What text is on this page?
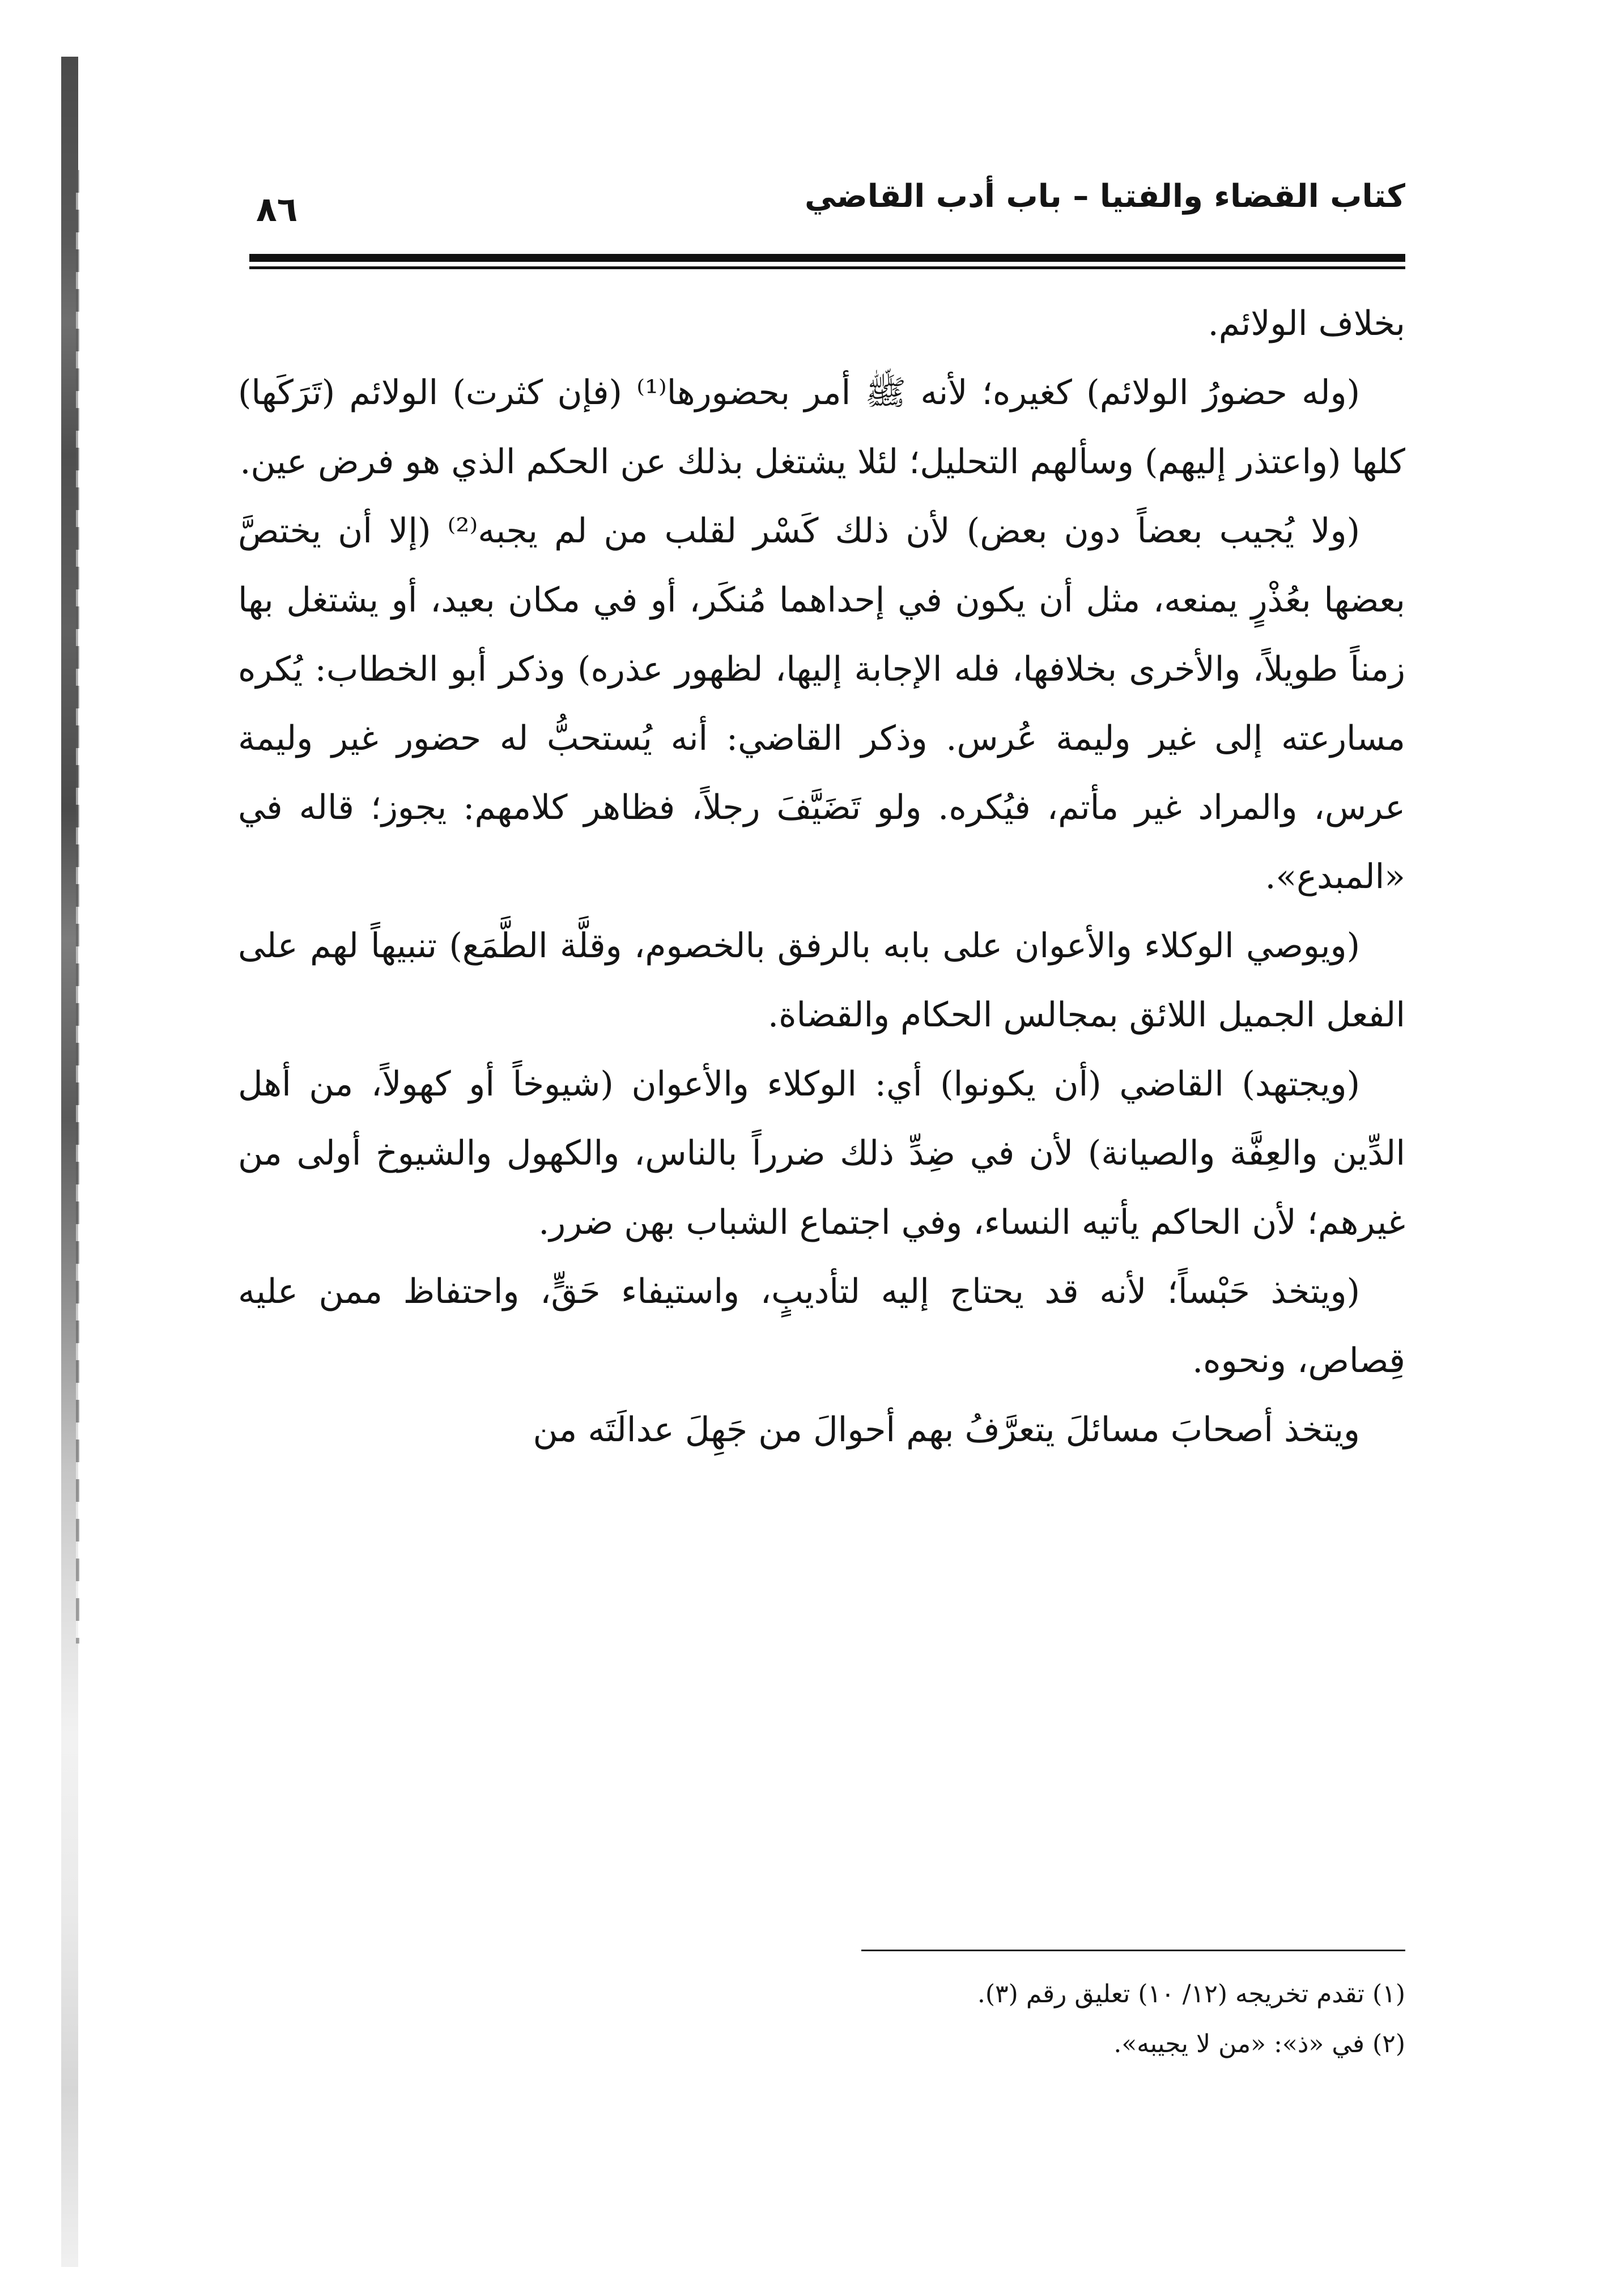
كتاب القضاء والفتيا – باب أدب القاضي
٨٦

بخلاف الولائم.

(وله حضورُ الولائم) كغيره؛ لأنه ﷺ أمر بحضورها⁽¹⁾ (فإن كثرت) الولائم (تَرَكَها) كلها (واعتذر إليهم) وسألهم التحليل؛ لئلا يشتغل بذلك عن الحكم الذي هو فرض عين.

(ولا يُجيب بعضاً دون بعض) لأن ذلك كَسْر لقلب من لم يجبه⁽²⁾ (إلا أن يختصَّ بعضها بعُذْرٍ يمنعه، مثل أن يكون في إحداهما مُنكَر، أو في مكان بعيد، أو يشتغل بها زمناً طويلاً، والأخرى بخلافها، فله الإجابة إليها، لظهور عذره) وذكر أبو الخطاب: يُكره مسارعته إلى غير وليمة عُرس. وذكر القاضي: أنه يُستحبُّ له حضور غير وليمة عرس، والمراد غير مأتم، فيُكره. ولو تَضَيَّفَ رجلاً، فظاهر كلامهم: يجوز؛ قاله في «المبدع».

(ويوصي الوكلاء والأعوان على بابه بالرفق بالخصوم، وقلَّة الطَّمَع) تنبيهاً لهم على الفعل الجميل اللائق بمجالس الحكام والقضاة.

(ويجتهد) القاضي (أن يكونوا) أي: الوكلاء والأعوان (شيوخاً أو كهولاً، من أهل الدِّين والعِفَّة والصيانة) لأن في ضِدِّ ذلك ضرراً بالناس، والكهول والشيوخ أولى من غيرهم؛ لأن الحاكم يأتيه النساء، وفي اجتماع الشباب بهن ضرر.

(ويتخذ حَبْساً؛ لأنه قد يحتاج إليه لتأديبٍ، واستيفاء حَقٍّ، واحتفاظ ممن عليه قِصاص، ونحوه.

ويتخذ أصحابَ مسائلَ يتعرَّفُ بهم أحوالَ من جَهِلَ عدالَتَه من

(١) تقدم تخريجه (١٢/ ١٠) تعليق رقم (٣).
(٢) في «ذ»: «من لا يجيبه».
